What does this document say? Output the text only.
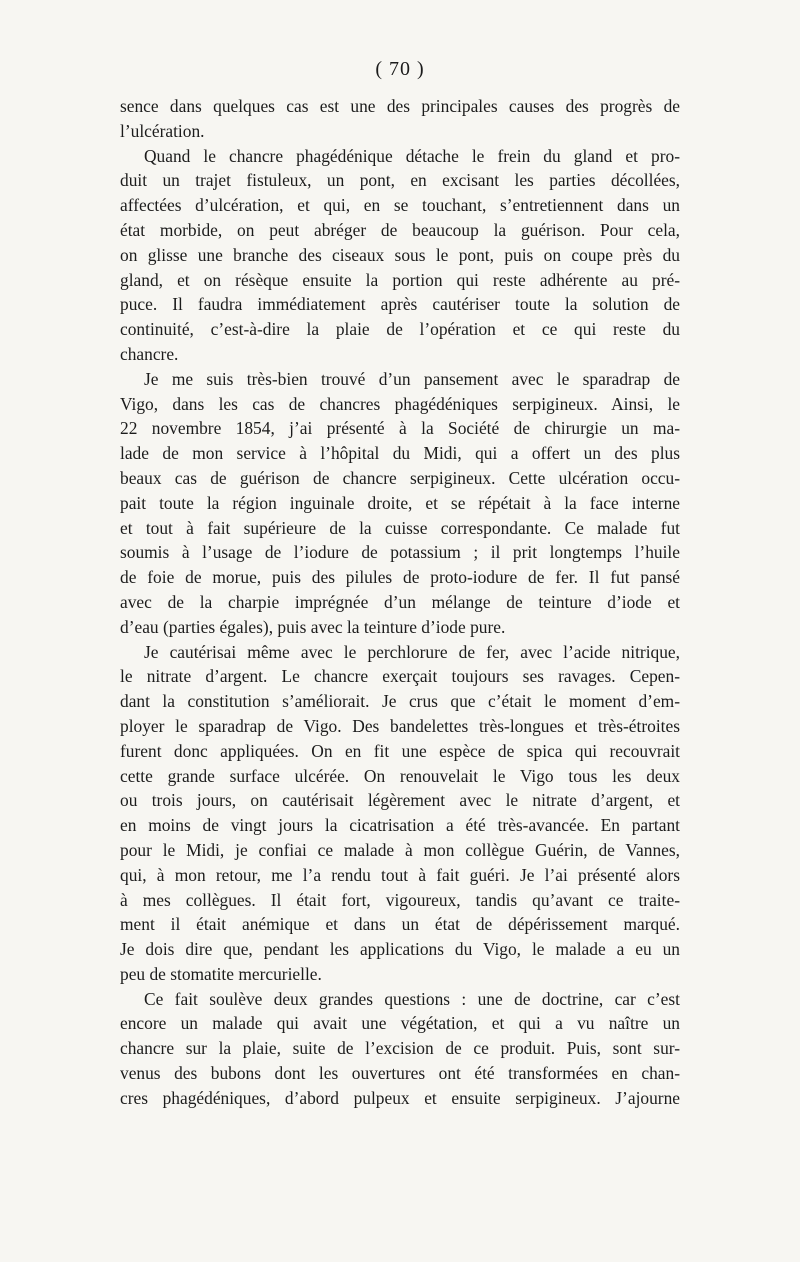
( 70 )
sence dans quelques cas est une des principales causes des progrès de
l’ulcération.
Quand le chancre phagédénique détache le frein du gland et pro-
duit un trajet fistuleux, un pont, en excisant les parties décollées,
affectées d’ulcération, et qui, en se touchant, s’entretiennent dans un
état morbide, on peut abréger de beaucoup la guérison. Pour cela,
on glisse une branche des ciseaux sous le pont, puis on coupe près du
gland, et on résèque ensuite la portion qui reste adhérente au pré-
puce. Il faudra immédiatement après cautériser toute la solution de
continuité, c’est-à-dire la plaie de l’opération et ce qui reste du
chancre.
Je me suis très-bien trouvé d’un pansement avec le sparadrap de
Vigo, dans les cas de chancres phagédéniques serpigineux. Ainsi, le
22 novembre 1854, j’ai présenté à la Société de chirurgie un ma-
lade de mon service à l’hôpital du Midi, qui a offert un des plus
beaux cas de guérison de chancre serpigineux. Cette ulcération occu-
pait toute la région inguinale droite, et se répétait à la face interne
et tout à fait supérieure de la cuisse correspondante. Ce malade fut
soumis à l’usage de l’iodure de potassium ; il prit longtemps l’huile
de foie de morue, puis des pilules de proto-iodure de fer. Il fut pansé
avec de la charpie imprégnée d’un mélange de teinture d’iode et
d’eau (parties égales), puis avec la teinture d’iode pure.
Je cautérisai même avec le perchlorure de fer, avec l’acide nitrique,
le nitrate d’argent. Le chancre exerçait toujours ses ravages. Cepen-
dant la constitution s’améliorait. Je crus que c’était le moment d’em-
ployer le sparadrap de Vigo. Des bandelettes très-longues et très-étroites
furent donc appliquées. On en fit une espèce de spica qui recouvrait
cette grande surface ulcérée. On renouvelait le Vigo tous les deux
ou trois jours, on cautérisait légèrement avec le nitrate d’argent, et
en moins de vingt jours la cicatrisation a été très-avancée. En partant
pour le Midi, je confiai ce malade à mon collègue Guérin, de Vannes,
qui, à mon retour, me l’a rendu tout à fait guéri. Je l’ai présenté alors
à mes collègues. Il était fort, vigoureux, tandis qu’avant ce traite-
ment il était anémique et dans un état de dépérissement marqué.
Je dois dire que, pendant les applications du Vigo, le malade a eu un
peu de stomatite mercurielle.
Ce fait soulève deux grandes questions : une de doctrine, car c’est
encore un malade qui avait une végétation, et qui a vu naître un
chancre sur la plaie, suite de l’excision de ce produit. Puis, sont sur-
venus des bubons dont les ouvertures ont été transformées en chan-
cres phagédéniques, d’abord pulpeux et ensuite serpigineux. J’ajourne
